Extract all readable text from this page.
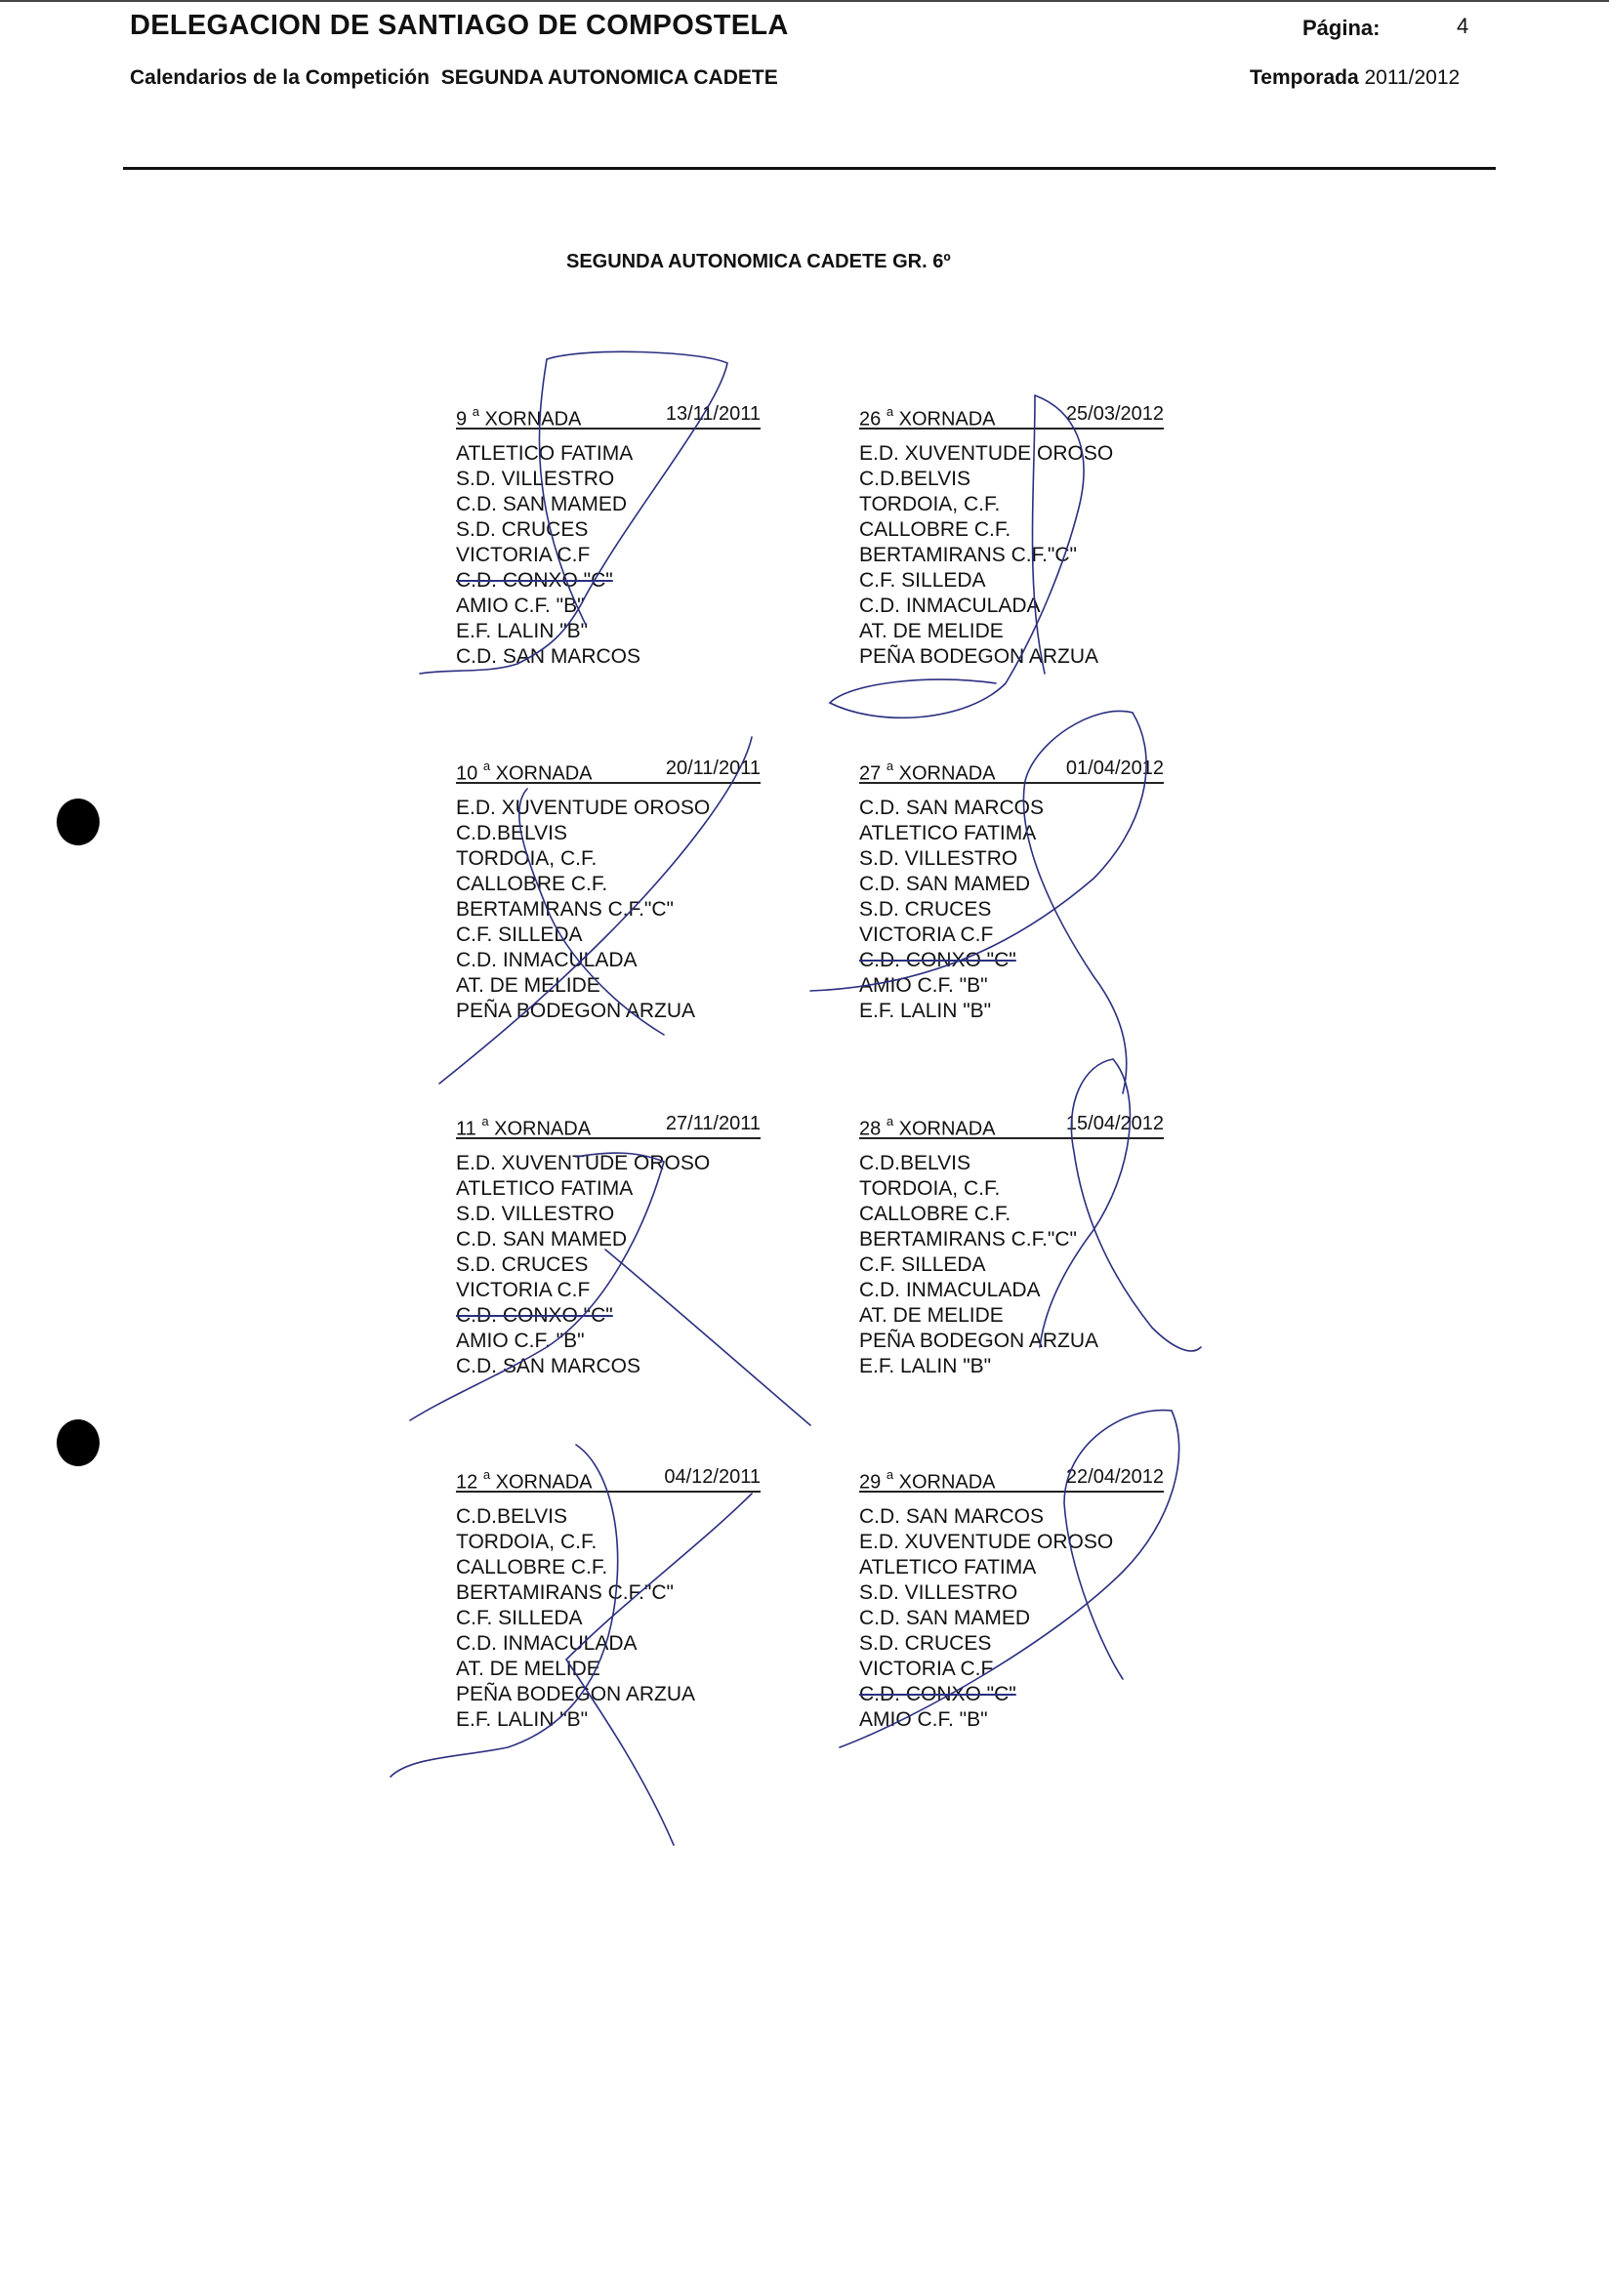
DELEGACION DE SANTIAGO DE COMPOSTELA	Página:	4
Calendarios de la Competición SEGUNDA AUTONOMICA CADETE	Temporada 2011/2012
SEGUNDA AUTONOMICA CADETE GR. 6º
9 $^a$ XORNADA	13/11/2011
ATLETICO FATIMA
S.D. VILLESTRO
C.D. SAN MAMED
S.D. CRUCES
VICTORIA C.F
C.D. CONXO "C"
AMIO C.F. "B"
E.F. LALIN "B"
C.D. SAN MARCOS
26 $^a$ XORNADA	25/03/2012
E.D. XUVENTUDE OROSO
C.D.BELVIS
TORDOIA, C.F.
CALLOBRE C.F.
BERTAMIRANS C.F."C"
C.F. SILLEDA
C.D. INMACULADA
AT. DE MELIDE
PEÑA BODEGON ARZUA
10 $^a$ XORNADA	20/11/2011
E.D. XUVENTUDE OROSO
C.D.BELVIS
TORDOIA, C.F.
CALLOBRE C.F.
BERTAMIRANS C.F."C"
C.F. SILLEDA
C.D. INMACULADA
AT. DE MELIDE
PEÑA BODEGON ARZUA
27 $^a$ XORNADA	01/04/2012
C.D. SAN MARCOS
ATLETICO FATIMA
S.D. VILLESTRO
C.D. SAN MAMED
S.D. CRUCES
VICTORIA C.F
C.D. CONXO "C"
AMIO C.F. "B"
E.F. LALIN "B"
11 $^a$ XORNADA	27/11/2011
E.D. XUVENTUDE OROSO
ATLETICO FATIMA
S.D. VILLESTRO
C.D. SAN MAMED
S.D. CRUCES
VICTORIA C.F
C.D. CONXO "C"
AMIO C.F. "B"
C.D. SAN MARCOS
28 $^a$ XORNADA	15/04/2012
C.D.BELVIS
TORDOIA, C.F.
CALLOBRE C.F.
BERTAMIRANS C.F."C"
C.F. SILLEDA
C.D. INMACULADA
AT. DE MELIDE
PEÑA BODEGON ARZUA
E.F. LALIN "B"
12 $^a$ XORNADA	04/12/2011
C.D.BELVIS
TORDOIA, C.F.
CALLOBRE C.F.
BERTAMIRANS C.F."C"
C.F. SILLEDA
C.D. INMACULADA
AT. DE MELIDE
PEÑA BODEGON ARZUA
E.F. LALIN "B"
29 $^a$ XORNADA	22/04/2012
C.D. SAN MARCOS
E.D. XUVENTUDE OROSO
ATLETICO FATIMA
S.D. VILLESTRO
C.D. SAN MAMED
S.D. CRUCES
VICTORIA C.F
C.D. CONXO "C"
AMIO C.F. "B"
